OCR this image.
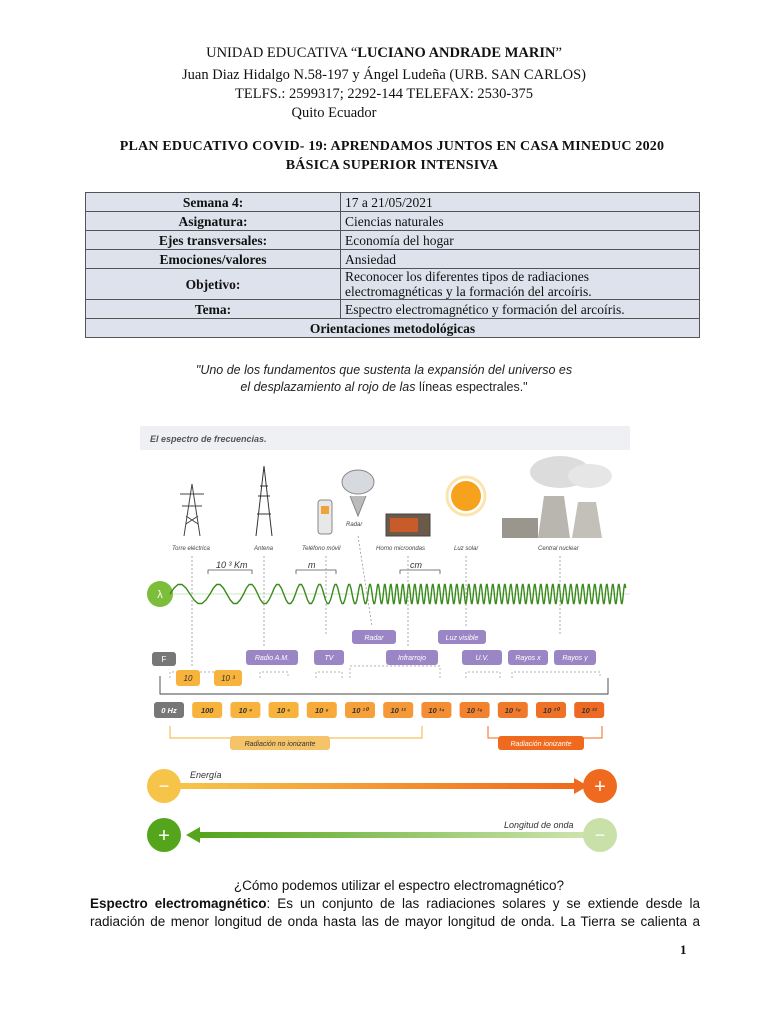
UNIDAD EDUCATIVA “LUCIANO ANDRADE MARIN”
Juan Diaz Hidalgo N.58-197 y Ángel Ludeña (URB. SAN CARLOS)
TELFS.: 2599317; 2292-144 TELEFAX: 2530-375
Quito Ecuador
PLAN EDUCATIVO COVID- 19: APRENDAMOS JUNTOS EN CASA MINEDUC 2020
BÁSICA SUPERIOR INTENSIVA
Semana 4:	17 a 21/05/2021
Asignatura:	Ciencias naturales
Ejes transversales:	Economía del hogar
Emociones/valores	Ansiedad
Objetivo:	Reconocer los diferentes tipos de radiaciones
electromagnéticas y la formación del arcoíris.

Tema:	Espectro electromagnético y formación del arcoíris.
Orientaciones metodológicas	
"Uno de los fundamentos que sustenta la expansión del universo es
el desplazamiento al rojo de las líneas espectrales."
El espectro de frecuencias.
Radar
Torre eléctrica	Antena	Teléfono móvil	Horno microondas	Luz solar	Central nuclear
10 ³ Km	m	cm
λ
Radar	Luz visible
F	Radio A.M.	TV	Infrarrojo	U.V.	Rayos x	Rayos γ
10	10 ³
0 Hz	100	10 ⁴	10 ⁶	10 ⁸	10 ¹⁰	10 ¹²	10 ¹⁴	10 ¹⁶	10 ¹⁸	10 ²⁰	10 ²²
Radiación no ionizante	Radiación ionizante
−	+
Energía
+	−
Longitud de onda
¿Cómo podemos utilizar el espectro electromagnético?
Espectro electromagnético: Es un conjunto de las radiaciones solares y se extiende desde la
radiación de menor longitud de onda hasta las de mayor longitud de onda. La Tierra se calienta a
1
